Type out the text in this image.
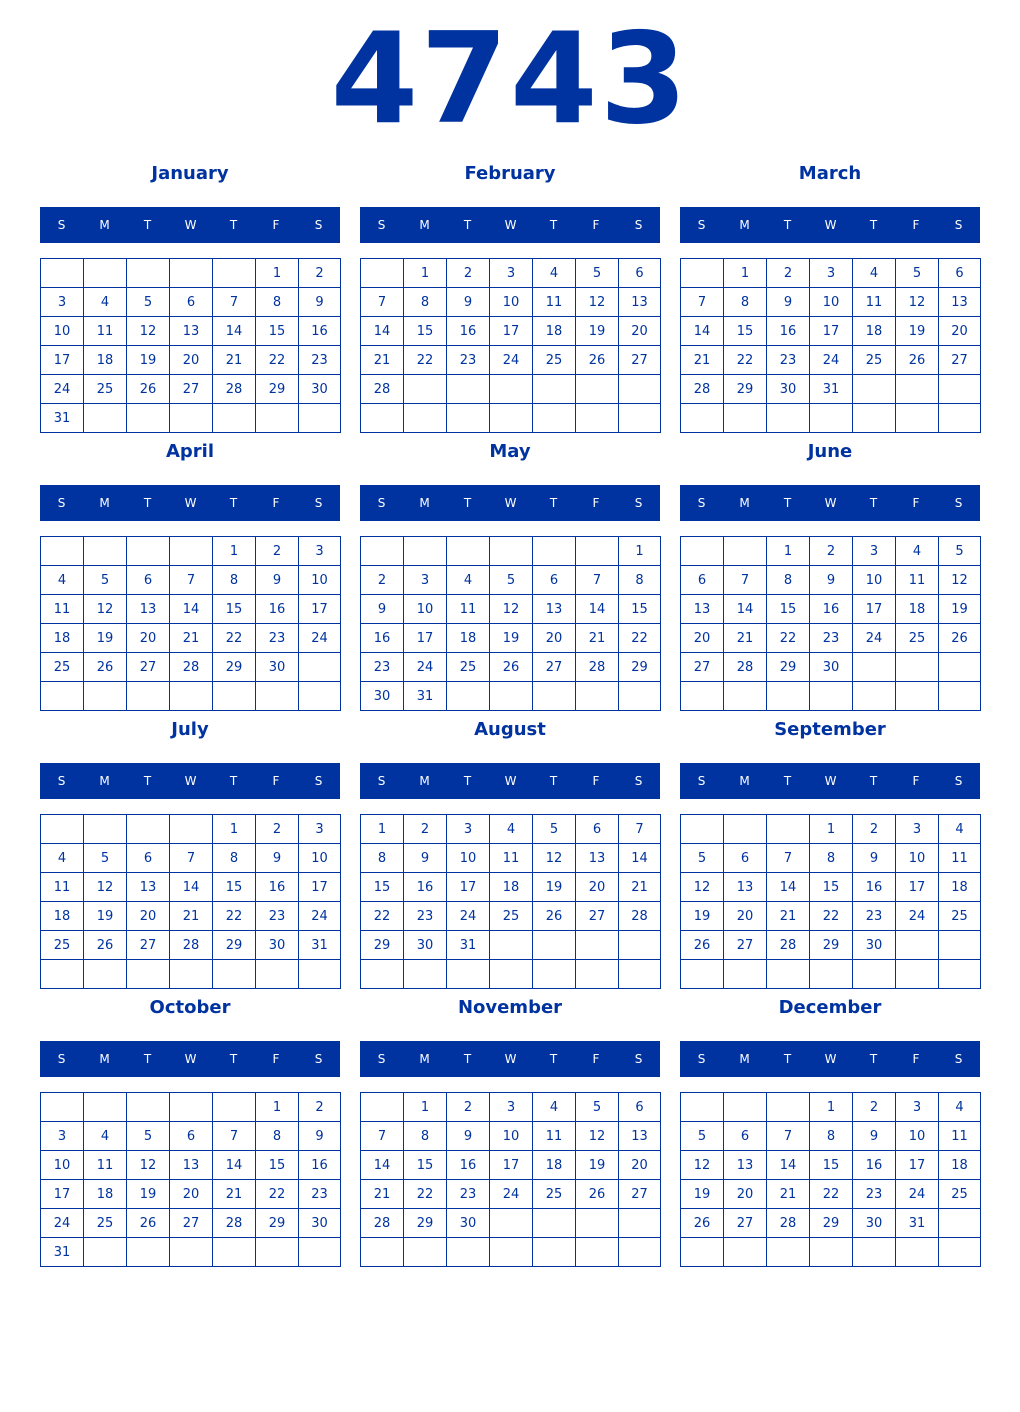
4743
January
S	M	T	W	T	F	S
					1	2
3	4	5	6	7	8	9
10	11	12	13	14	15	16
17	18	19	20	21	22	23
24	25	26	27	28	29	30
31						
February
S	M	T	W	T	F	S
	1	2	3	4	5	6
7	8	9	10	11	12	13
14	15	16	17	18	19	20
21	22	23	24	25	26	27
28						

March
S	M	T	W	T	F	S
	1	2	3	4	5	6
7	8	9	10	11	12	13
14	15	16	17	18	19	20
21	22	23	24	25	26	27
28	29	30	31			

April
S	M	T	W	T	F	S
				1	2	3
4	5	6	7	8	9	10
11	12	13	14	15	16	17
18	19	20	21	22	23	24
25	26	27	28	29	30	

May
S	M	T	W	T	F	S
						1
2	3	4	5	6	7	8
9	10	11	12	13	14	15
16	17	18	19	20	21	22
23	24	25	26	27	28	29
30	31					
June
S	M	T	W	T	F	S
		1	2	3	4	5
6	7	8	9	10	11	12
13	14	15	16	17	18	19
20	21	22	23	24	25	26
27	28	29	30			

July
S	M	T	W	T	F	S
				1	2	3
4	5	6	7	8	9	10
11	12	13	14	15	16	17
18	19	20	21	22	23	24
25	26	27	28	29	30	31

August
S	M	T	W	T	F	S
1	2	3	4	5	6	7
8	9	10	11	12	13	14
15	16	17	18	19	20	21
22	23	24	25	26	27	28
29	30	31				

September
S	M	T	W	T	F	S
			1	2	3	4
5	6	7	8	9	10	11
12	13	14	15	16	17	18
19	20	21	22	23	24	25
26	27	28	29	30		

October
S	M	T	W	T	F	S
					1	2
3	4	5	6	7	8	9
10	11	12	13	14	15	16
17	18	19	20	21	22	23
24	25	26	27	28	29	30
31						
November
S	M	T	W	T	F	S
	1	2	3	4	5	6
7	8	9	10	11	12	13
14	15	16	17	18	19	20
21	22	23	24	25	26	27
28	29	30				

December
S	M	T	W	T	F	S
			1	2	3	4
5	6	7	8	9	10	11
12	13	14	15	16	17	18
19	20	21	22	23	24	25
26	27	28	29	30	31	
